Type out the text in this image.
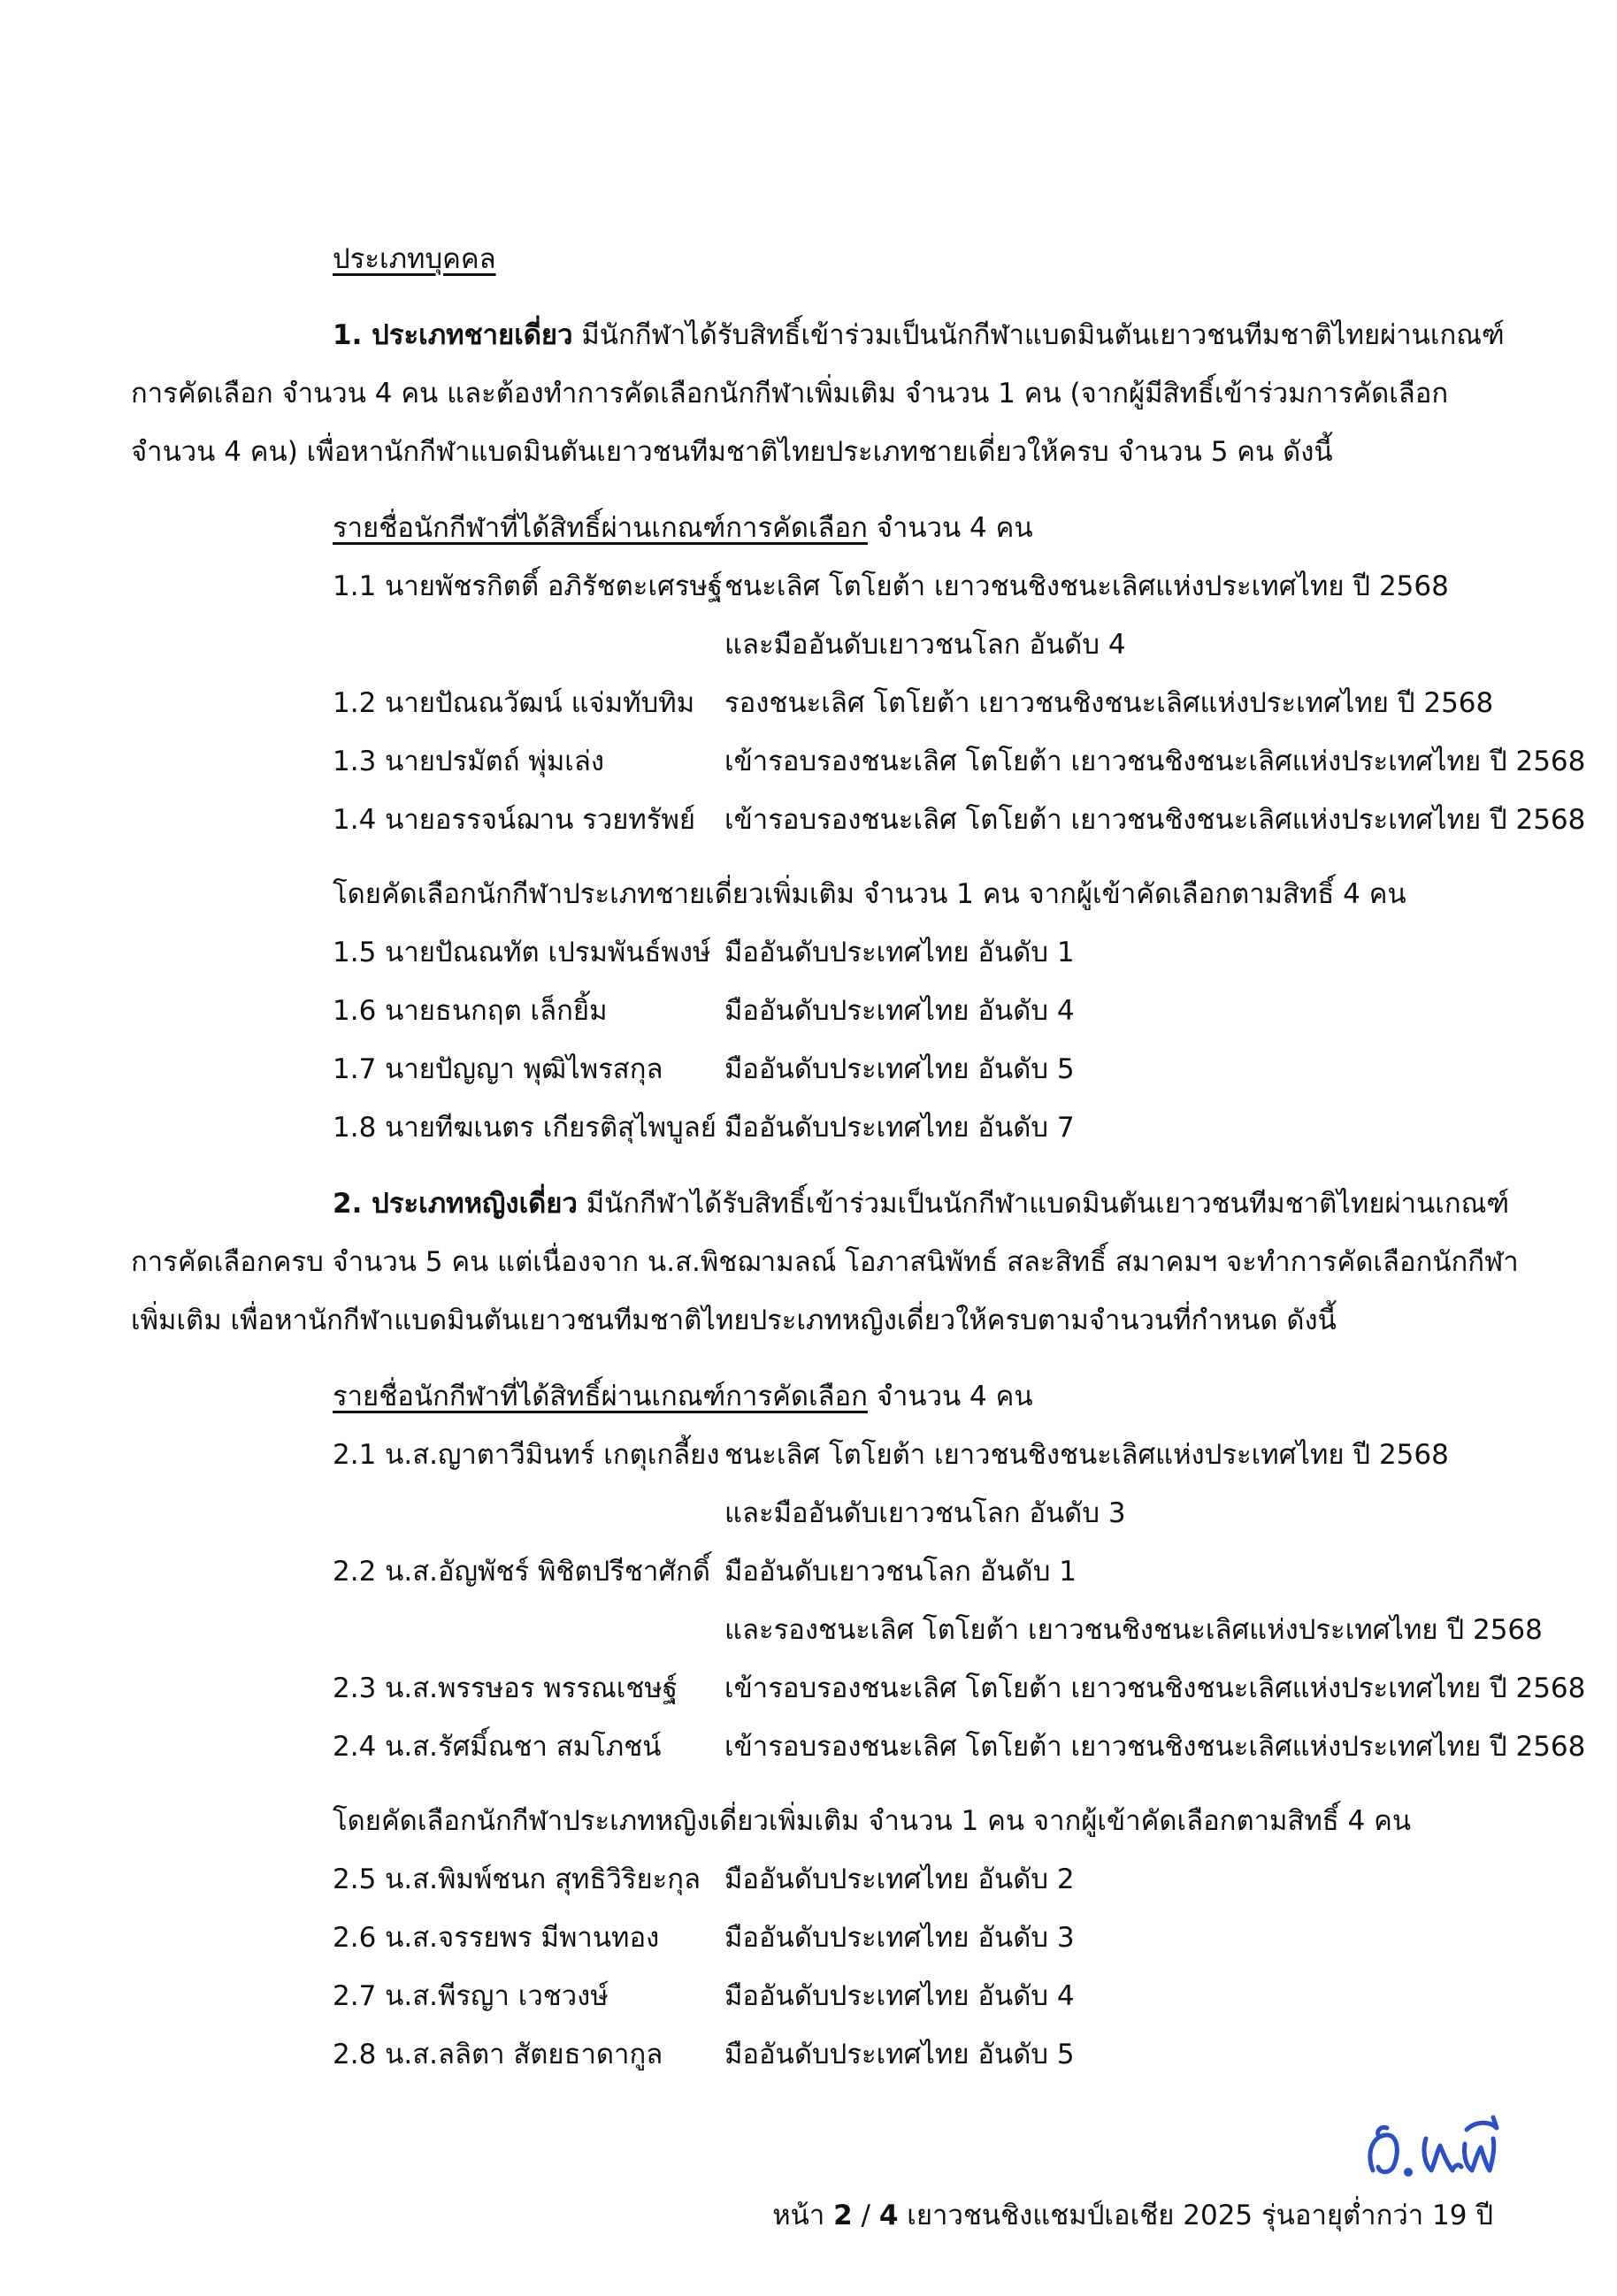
ประเภทบุคคล
1. ประเภทชายเดี่ยว มีนักกีฬาได้รับสิทธิ์เข้าร่วมเป็นนักกีฬาแบดมินตันเยาวชนทีมชาติไทยผ่านเกณฑ์
การคัดเลือก จำนวน 4 คน และต้องทำการคัดเลือกนักกีฬาเพิ่มเติม จำนวน 1 คน (จากผู้มีสิทธิ์เข้าร่วมการคัดเลือก
จำนวน 4 คน) เพื่อหานักกีฬาแบดมินตันเยาวชนทีมชาติไทยประเภทชายเดี่ยวให้ครบ จำนวน 5 คน ดังนี้
รายชื่อนักกีฬาที่ได้สิทธิ์ผ่านเกณฑ์การคัดเลือก จำนวน 4 คน
1.1 นายพัชรกิตติ์ อภิรัชตะเศรษฐ์ ชนะเลิศ โตโยต้า เยาวชนชิงชนะเลิศแห่งประเทศไทย ปี 2568
และมืออันดับเยาวชนโลก อันดับ 4
1.2 นายปัณณวัฒน์ แจ่มทับทิม รองชนะเลิศ โตโยต้า เยาวชนชิงชนะเลิศแห่งประเทศไทย ปี 2568
1.3 นายปรมัตถ์ พุ่มเล่ง	เข้ารอบรองชนะเลิศ โตโยต้า เยาวชนชิงชนะเลิศแห่งประเทศไทย ปี 2568
1.4 นายอรรจน์ฌาน รวยทรัพย์ เข้ารอบรองชนะเลิศ โตโยต้า เยาวชนชิงชนะเลิศแห่งประเทศไทย ปี 2568
โดยคัดเลือกนักกีฬาประเภทชายเดี่ยวเพิ่มเติม จำนวน 1 คน จากผู้เข้าคัดเลือกตามสิทธิ์ 4 คน
1.5 นายปัณณทัต เปรมพันธ์พงษ์ มืออันดับประเทศไทย อันดับ 1
1.6 นายธนกฤต เล็กยิ้ม	มืออันดับประเทศไทย อันดับ 4
1.7 นายปัญญา พุฒิไพรสกุล มืออันดับประเทศไทย อันดับ 5
1.8 นายทีฆเนตร เกียรติสุไพบูลย์ มืออันดับประเทศไทย อันดับ 7
2. ประเภทหญิงเดี่ยว มีนักกีฬาได้รับสิทธิ์เข้าร่วมเป็นนักกีฬาแบดมินตันเยาวชนทีมชาติไทยผ่านเกณฑ์
การคัดเลือกครบ จำนวน 5 คน แต่เนื่องจาก น.ส.พิชฌามลณ์ โอภาสนิพัทธ์ สละสิทธิ์ สมาคมฯ จะทำการคัดเลือกนักกีฬา
เพิ่มเติม เพื่อหานักกีฬาแบดมินตันเยาวชนทีมชาติไทยประเภทหญิงเดี่ยวให้ครบตามจำนวนที่กำหนด ดังนี้
รายชื่อนักกีฬาที่ได้สิทธิ์ผ่านเกณฑ์การคัดเลือก จำนวน 4 คน
2.1 น.ส.ญาตาวีมินทร์ เกตุเกลี้ยง ชนะเลิศ โตโยต้า เยาวชนชิงชนะเลิศแห่งประเทศไทย ปี 2568
และมืออันดับเยาวชนโลก อันดับ 3
2.2 น.ส.อัญพัชร์ พิชิตปรีชาศักดิ์ มืออันดับเยาวชนโลก อันดับ 1
และรองชนะเลิศ โตโยต้า เยาวชนชิงชนะเลิศแห่งประเทศไทย ปี 2568
2.3 น.ส.พรรษอร พรรณเชษฐ์ เข้ารอบรองชนะเลิศ โตโยต้า เยาวชนชิงชนะเลิศแห่งประเทศไทย ปี 2568
2.4 น.ส.รัศมิ์ณชา สมโภชน์ เข้ารอบรองชนะเลิศ โตโยต้า เยาวชนชิงชนะเลิศแห่งประเทศไทย ปี 2568
โดยคัดเลือกนักกีฬาประเภทหญิงเดี่ยวเพิ่มเติม จำนวน 1 คน จากผู้เข้าคัดเลือกตามสิทธิ์ 4 คน
2.5 น.ส.พิมพ์ชนก สุทธิวิริยะกุล มืออันดับประเทศไทย อันดับ 2
2.6 น.ส.จรรยพร มีพานทอง มืออันดับประเทศไทย อันดับ 3
2.7 น.ส.พีรญา เวชวงษ์	มืออันดับประเทศไทย อันดับ 4
2.8 น.ส.ลลิตา สัตยธาดากูล มืออันดับประเทศไทย อันดับ 5
หน้า 2 / 4 เยาวชนชิงแชมป์เอเชีย 2025 รุ่นอายุต่ำกว่า 19 ปี
